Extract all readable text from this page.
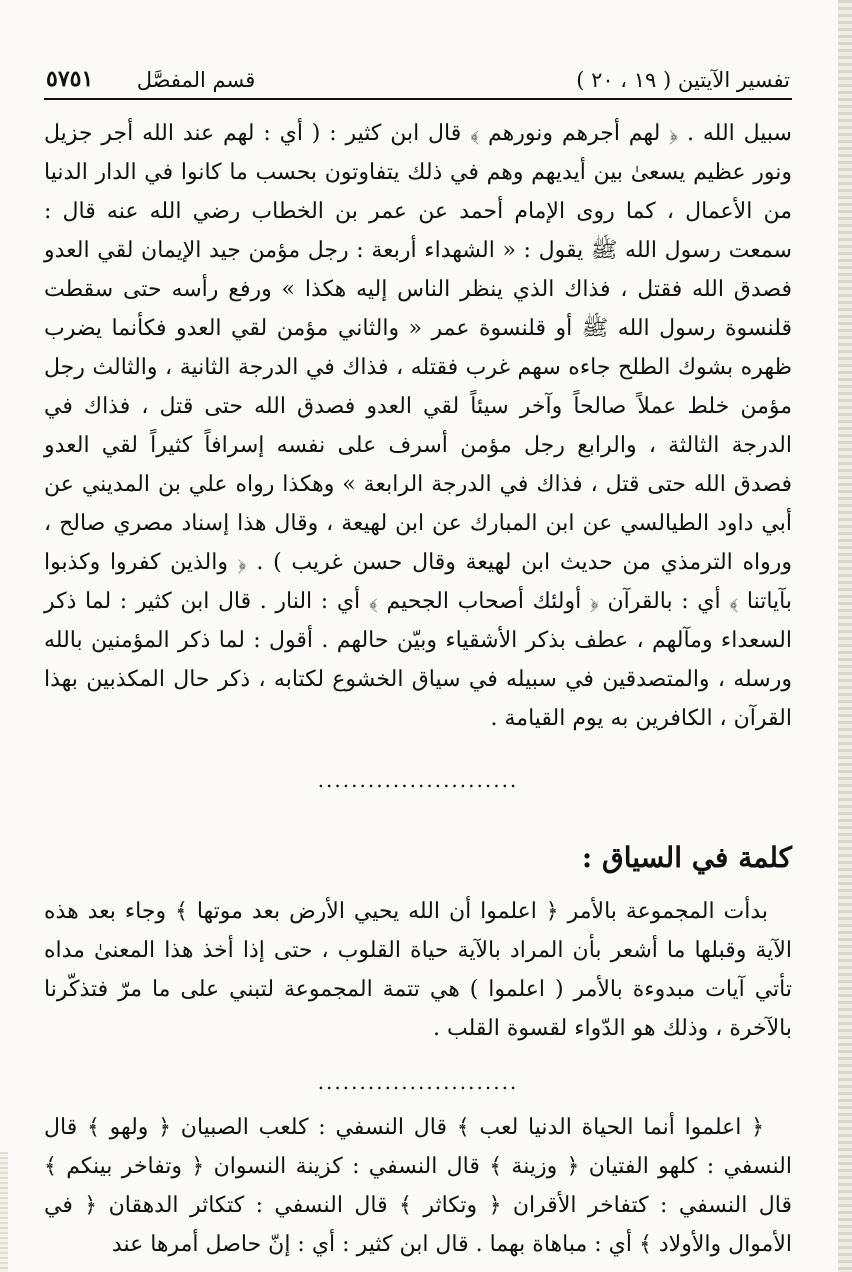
تفسير الآيتين ( ١٩ ، ٢٠ )
قسم المفصَّل
٥٧٥١

سبيل الله . ﴿ لهم أجرهم ونورهم ﴾ قال ابن كثير : ( أي : لهم عند الله أجر جزيل ونور عظيم يسعىٰ بين أيديهم وهم في ذلك يتفاوتون بحسب ما كانوا في الدار الدنيا من الأعمال ، كما روى الإمام أحمد عن عمر بن الخطاب رضي الله عنه قال : سمعت رسول الله ﷺ يقول : « الشهداء أربعة : رجل مؤمن جيد الإيمان لقي العدو فصدق الله فقتل ، فذاك الذي ينظر الناس إليه هكذا » ورفع رأسه حتى سقطت قلنسوة رسول الله ﷺ أو قلنسوة عمر « والثاني مؤمن لقي العدو فكأنما يضرب ظهره بشوك الطلح جاءه سهم غرب فقتله ، فذاك في الدرجة الثانية ، والثالث رجل مؤمن خلط عملاً صالحاً وآخر سيئاً لقي العدو فصدق الله حتى قتل ، فذاك في الدرجة الثالثة ، والرابع رجل مؤمن أسرف على نفسه إسرافاً كثيراً لقي العدو فصدق الله حتى قتل ، فذاك في الدرجة الرابعة » وهكذا رواه علي بن المديني عن أبي داود الطيالسي عن ابن المبارك عن ابن لهيعة ، وقال هذا إسناد مصري صالح ، ورواه الترمذي من حديث ابن لهيعة وقال حسن غريب ) . ﴿ والذين كفروا وكذبوا بآياتنا ﴾ أي : بالقرآن ﴿ أولئك أصحاب الجحيم ﴾ أي : النار . قال ابن كثير : لما ذكر السعداء ومآلهم ، عطف بذكر الأشقياء وبيّن حالهم . أقول : لما ذكر المؤمنين بالله ورسله ، والمتصدقين في سبيله في سياق الخشوع لكتابه ، ذكر حال المكذبين بهذا القرآن ، الكافرين به يوم القيامة .

........................
كلمة في السياق :

بدأت المجموعة بالأمر ﴿ اعلموا أن الله يحيي الأرض بعد موتها ﴾ وجاء بعد هذه الآية وقبلها ما أشعر بأن المراد بالآية حياة القلوب ، حتى إذا أخذ هذا المعنىٰ مداه تأتي آيات مبدوءة بالأمر ( اعلموا ) هي تتمة المجموعة لتبني على ما مرّ فتذكّرنا بالآخرة ، وذلك هو الدّواء لقسوة القلب .

........................

﴿ اعلموا أنما الحياة الدنيا لعب ﴾ قال النسفي : كلعب الصبيان ﴿ ولهو ﴾ قال النسفي : كلهو الفتيان ﴿ وزينة ﴾ قال النسفي : كزينة النسوان ﴿ وتفاخر بينكم ﴾ قال النسفي : كتفاخر الأقران ﴿ وتكاثر ﴾ قال النسفي : كتكاثر الدهقان ﴿ في الأموال والأولاد ﴾ أي : مباهاة بهما . قال ابن كثير : أي : إنّ حاصل أمرها عند
